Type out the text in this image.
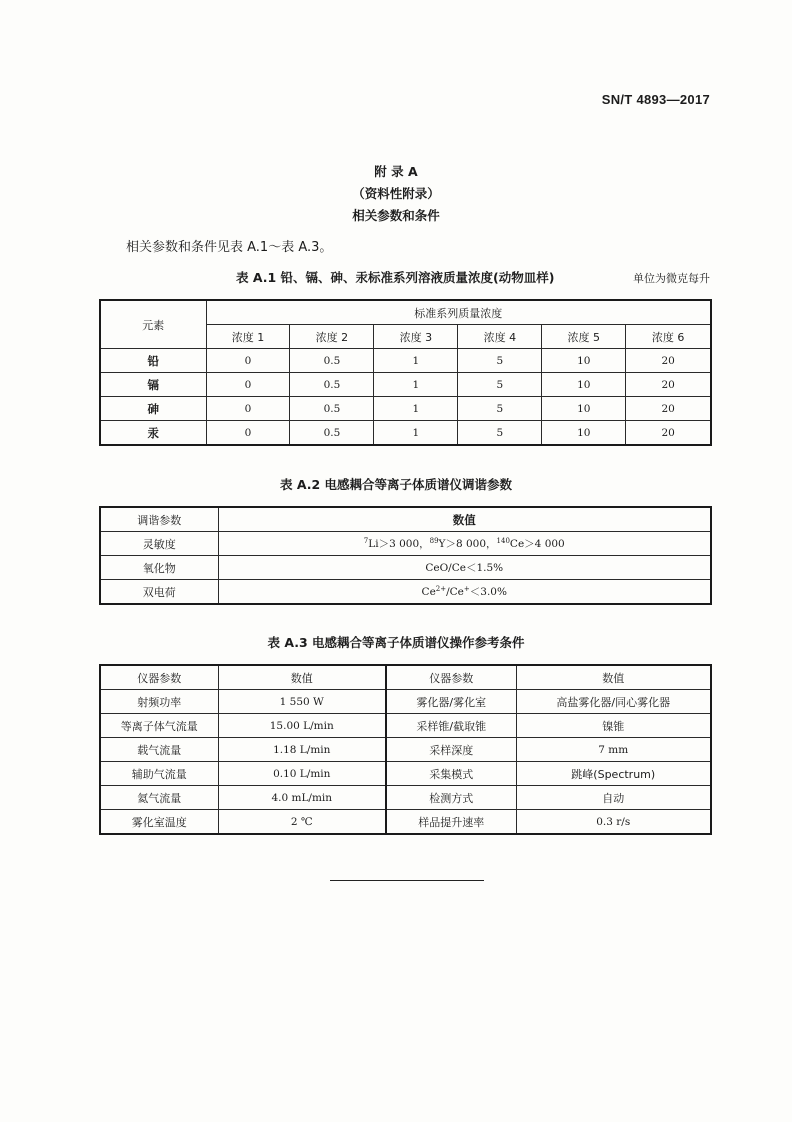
SN/T 4893—2017
附 录 A
（资料性附录）
相关参数和条件
相关参数和条件见表 A.1～表 A.3。
表 A.1 铅、镉、砷、汞标准系列溶液质量浓度(动物皿样)	单位为微克每升
元素	标准系列质量浓度					
	浓度 1	浓度 2	浓度 3	浓度 4	浓度 5	浓度 6
铅	0	0.5	1	5	10	20
镉	0	0.5	1	5	10	20
砷	0	0.5	1	5	10	20
汞	0	0.5	1	5	10	20
表 A.2 电感耦合等离子体质谱仪调谐参数
调谐参数	数值
灵敏度	$^7$Li＞3 000，$^{89}$Y＞8 000，$^{140}$Ce＞4 000
氧化物	CeO/Ce＜1.5%
双电荷	$Ce^{2+}/Ce^+<3.0\%$
表 A.3 电感耦合等离子体质谱仪操作参考条件
仪器参数	数值	仪器参数	数值
射频功率	1 550 W	雾化器/雾化室	高盐雾化器/同心雾化器
等离子体气流量	15.00 L/min	采样锥/截取锥	镍锥
载气流量	1.18 L/min	采样深度	7 mm
辅助气流量	0.10 L/min	采集模式	跳峰(Spectrum)
氦气流量	4.0 mL/min	检测方式	自动
雾化室温度	2 ℃	样品提升速率	0.3 r/s
